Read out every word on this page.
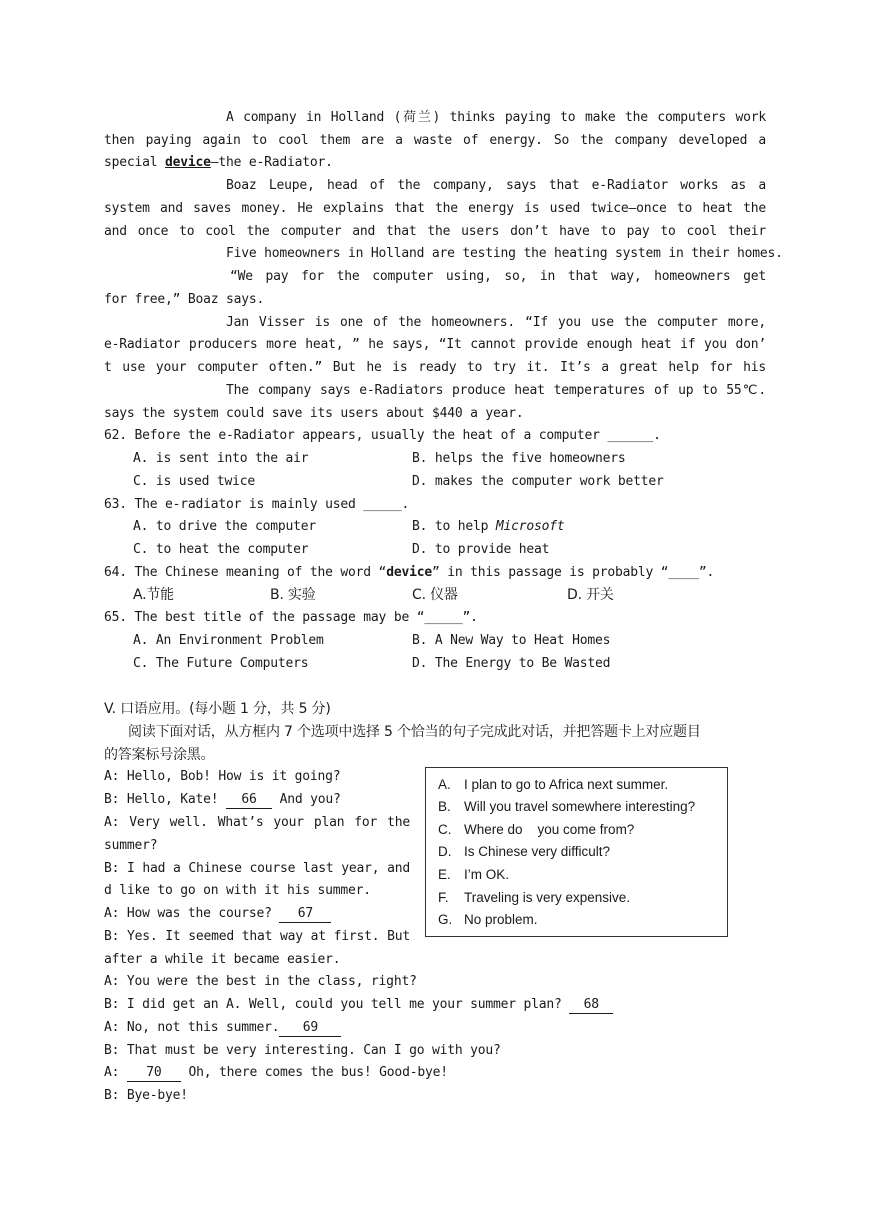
A company in Holland (荷兰) thinks paying to make the computers work
then paying again to cool them are a waste of energy. So the company developed a
special device—the e-Radiator.
Boaz Leupe, head of the company, says that e-Radiator works as a
system and saves money. He explains that the energy is used twice—once to heat the
and once to cool the computer and that the users don’t have to pay to cool their
Five homeowners in Holland are testing the heating system in their homes.
“We pay for the computer using, so, in that way, homeowners get
for free,” Boaz says.
Jan Visser is one of the homeowners. “If you use the computer more,
e-Radiator producers more heat, ” he says, “It cannot provide enough heat if you don’
t use your computer often.” But he is ready to try it. It’s a great help for his
The company says e-Radiators produce heat temperatures of up to 55℃.
says the system could save its users about $440 a year.
62. Before the e-Radiator appears, usually the heat of a computer ______.
A. is sent into the air	B. helps the five homeowners
C. is used twice	D. makes the computer work better
63. The e-radiator is mainly used _____.
A. to drive the computer	B. to help Microsoft
C. to heat the computer	D. to provide heat
64. The Chinese meaning of the word “device” in this passage is probably “____”.
A.节能	B. 实验	C. 仪器	D. 开关
65. The best title of the passage may be “_____”.
A. An Environment Problem	B. A New Way to Heat Homes
C. The Future Computers	D. The Energy to Be Wasted
V. 口语应用。(每小题 1 分，共 5 分)
阅读下面对话，从方框内 7 个选项中选择 5 个恰当的句子完成此对话，并把答题卡上对应题目
的答案标号涂黑。
A: Hello, Bob! How is it going?
B: Hello, Kate! 66 And you?
A: Very well. What’s your plan for the
summer?
B: I had a Chinese course last year, and
d like to go on with it his summer.
A: How was the course? 67
B: Yes. It seemed that way at first. But
after a while it became easier.
A: You were the best in the class, right?
B: I did get an A. Well, could you tell me your summer plan? 68
A: No, not this summer. 69
B: That must be very interesting. Can I go with you?
A: 70 Oh, there comes the bus! Good-bye!
B: Bye-bye!
A. I plan to go to Africa next summer.
B. Will you travel somewhere interesting?
C. Where do    you come from?
D. Is Chinese very difficult?
E. I’m OK.
F. Traveling is very expensive.
G. No problem.
